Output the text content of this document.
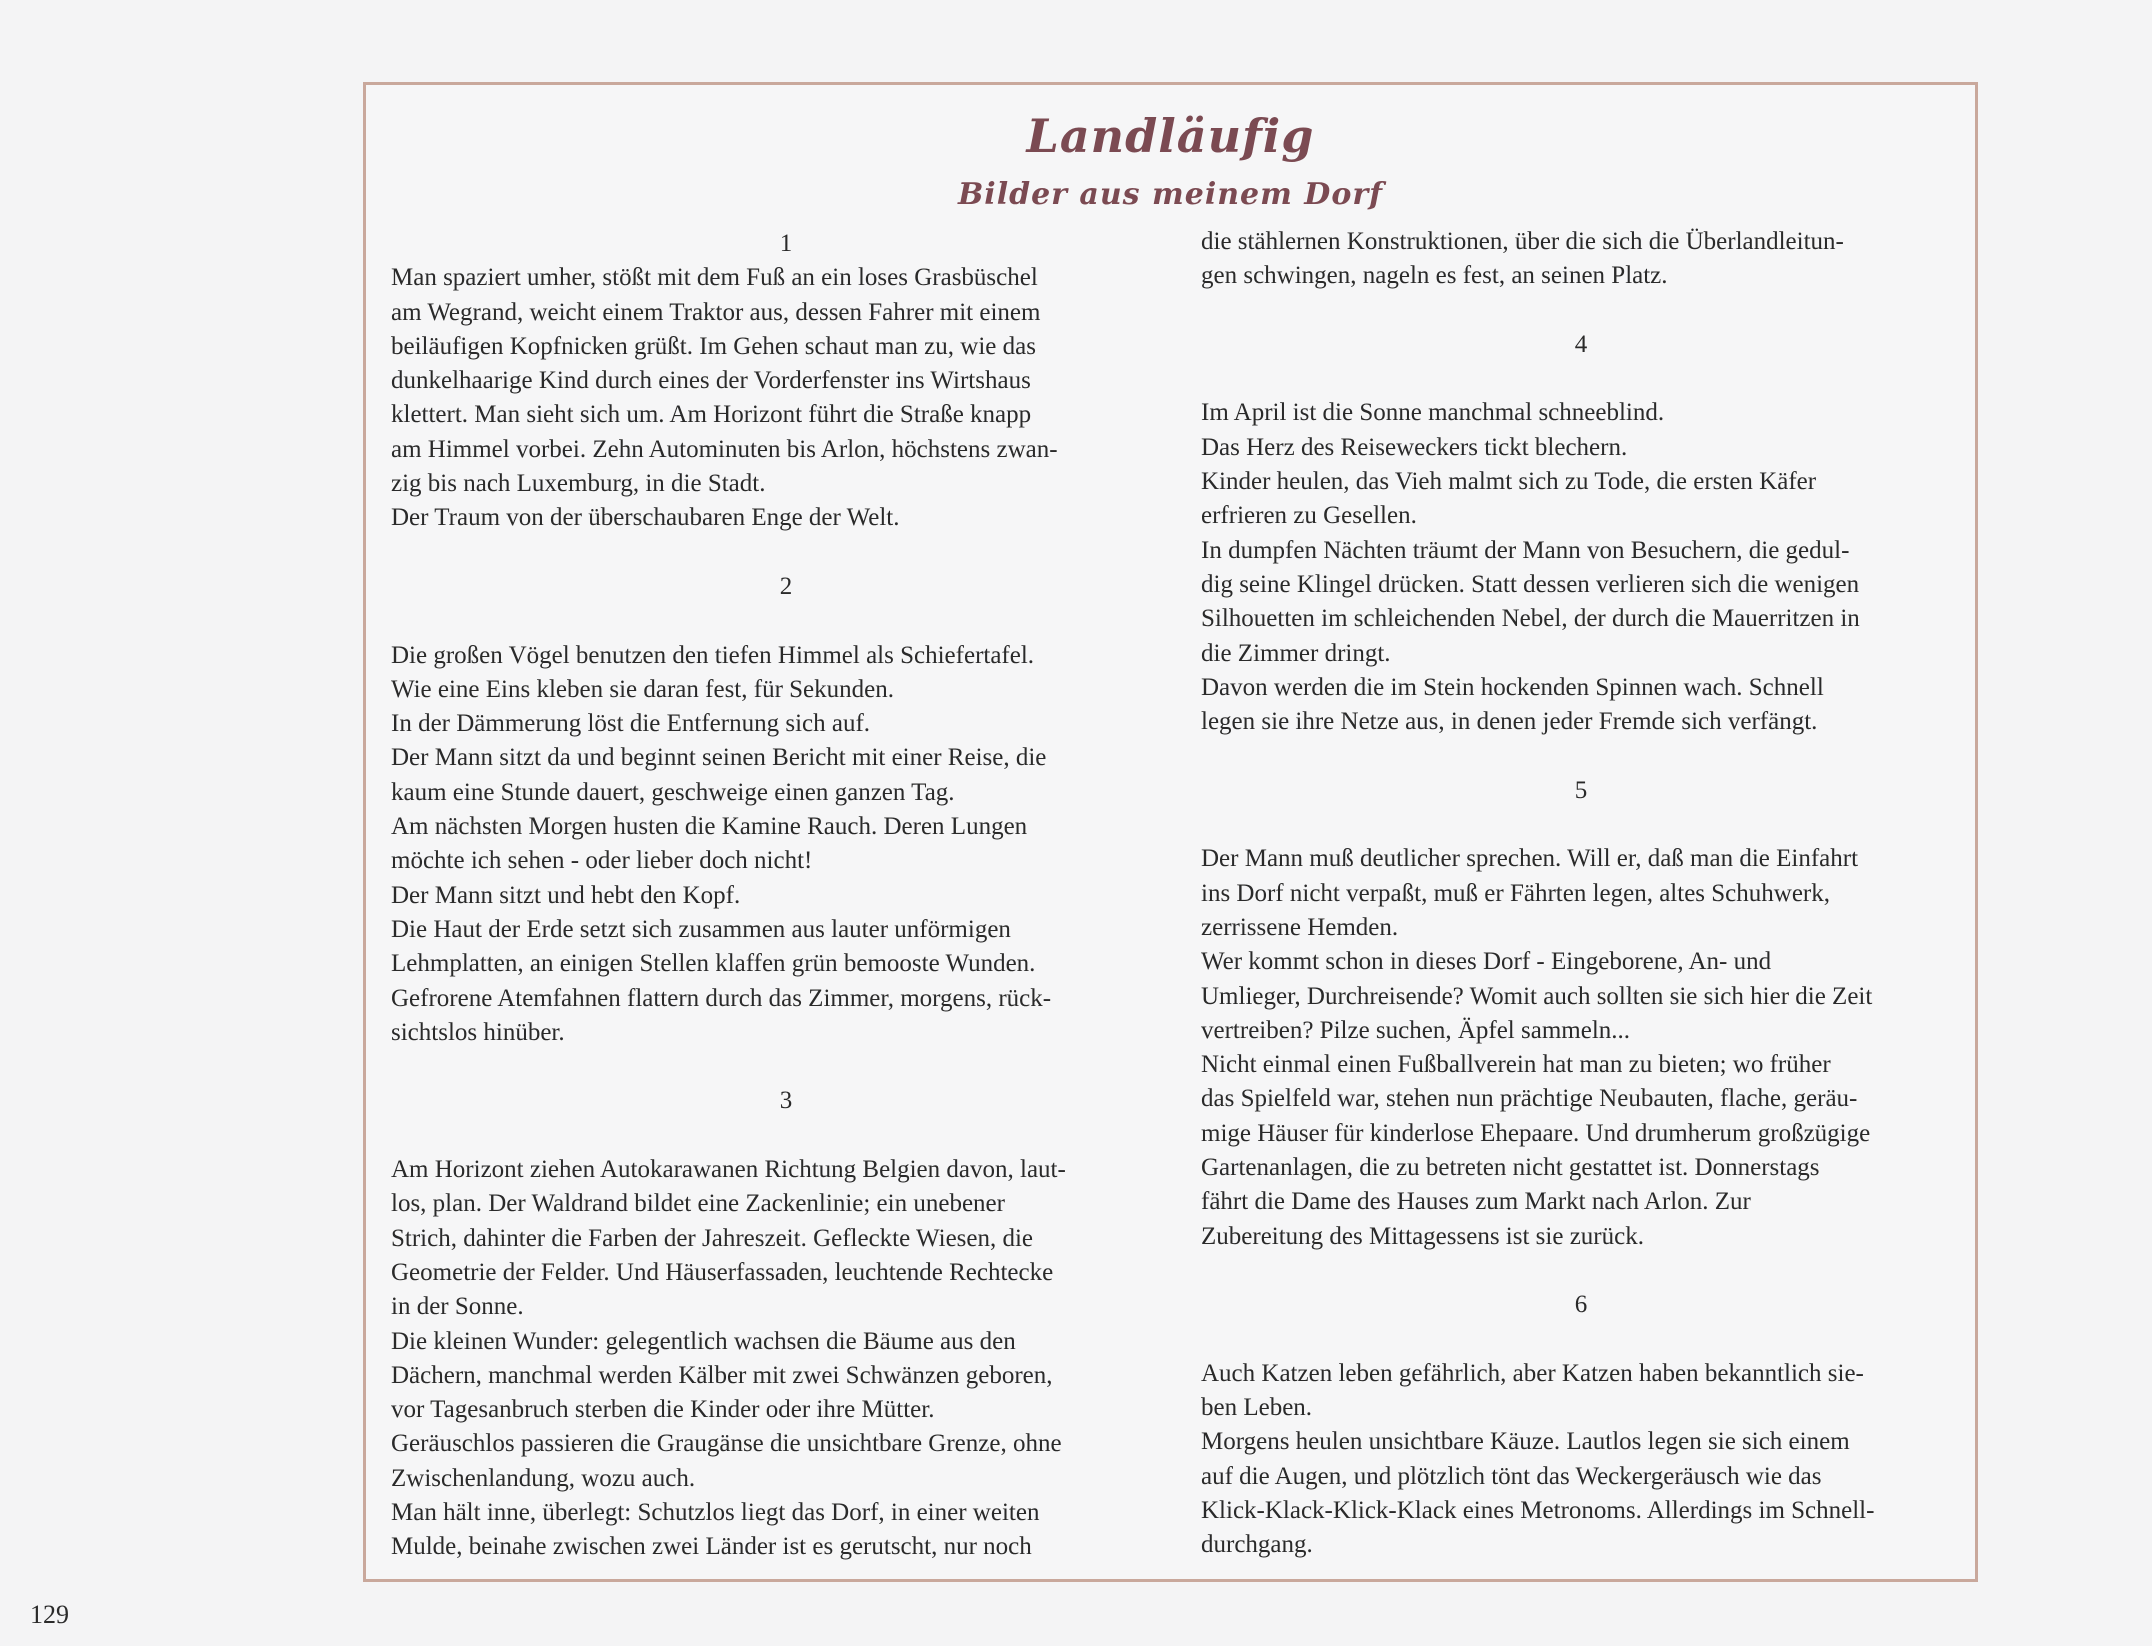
Landläufig
Bilder aus meinem Dorf
1
Man spaziert umher, stößt mit dem Fuß an ein loses Grasbüschel
am Wegrand, weicht einem Traktor aus, dessen Fahrer mit einem
beiläufigen Kopfnicken grüßt. Im Gehen schaut man zu, wie das
dunkelhaarige Kind durch eines der Vorderfenster ins Wirtshaus
klettert. Man sieht sich um. Am Horizont führt die Straße knapp
am Himmel vorbei. Zehn Autominuten bis Arlon, höchstens zwan-
zig bis nach Luxemburg, in die Stadt.
Der Traum von der überschaubaren Enge der Welt.
2
Die großen Vögel benutzen den tiefen Himmel als Schiefertafel.
Wie eine Eins kleben sie daran fest, für Sekunden.
In der Dämmerung löst die Entfernung sich auf.
Der Mann sitzt da und beginnt seinen Bericht mit einer Reise, die
kaum eine Stunde dauert, geschweige einen ganzen Tag.
Am nächsten Morgen husten die Kamine Rauch. Deren Lungen
möchte ich sehen - oder lieber doch nicht!
Der Mann sitzt und hebt den Kopf.
Die Haut der Erde setzt sich zusammen aus lauter unförmigen
Lehmplatten, an einigen Stellen klaffen grün bemooste Wunden.
Gefrorene Atemfahnen flattern durch das Zimmer, morgens, rück-
sichtslos hinüber.
3
Am Horizont ziehen Autokarawanen Richtung Belgien davon, laut-
los, plan. Der Waldrand bildet eine Zackenlinie; ein unebener
Strich, dahinter die Farben der Jahreszeit. Gefleckte Wiesen, die
Geometrie der Felder. Und Häuserfassaden, leuchtende Rechtecke
in der Sonne.
Die kleinen Wunder: gelegentlich wachsen die Bäume aus den
Dächern, manchmal werden Kälber mit zwei Schwänzen geboren,
vor Tagesanbruch sterben die Kinder oder ihre Mütter.
Geräuschlos passieren die Graugänse die unsichtbare Grenze, ohne
Zwischenlandung, wozu auch.
Man hält inne, überlegt: Schutzlos liegt das Dorf, in einer weiten
Mulde, beinahe zwischen zwei Länder ist es gerutscht, nur noch
die stählernen Konstruktionen, über die sich die Überlandleitun-
gen schwingen, nageln es fest, an seinen Platz.
4
Im April ist die Sonne manchmal schneeblind.
Das Herz des Reiseweckers tickt blechern.
Kinder heulen, das Vieh malmt sich zu Tode, die ersten Käfer
erfrieren zu Gesellen.
In dumpfen Nächten träumt der Mann von Besuchern, die gedul-
dig seine Klingel drücken. Statt dessen verlieren sich die wenigen
Silhouetten im schleichenden Nebel, der durch die Mauerritzen in
die Zimmer dringt.
Davon werden die im Stein hockenden Spinnen wach. Schnell
legen sie ihre Netze aus, in denen jeder Fremde sich verfängt.
5
Der Mann muß deutlicher sprechen. Will er, daß man die Einfahrt
ins Dorf nicht verpaßt, muß er Fährten legen, altes Schuhwerk,
zerrissene Hemden.
Wer kommt schon in dieses Dorf - Eingeborene, An- und
Umlieger, Durchreisende? Womit auch sollten sie sich hier die Zeit
vertreiben? Pilze suchen, Äpfel sammeln...
Nicht einmal einen Fußballverein hat man zu bieten; wo früher
das Spielfeld war, stehen nun prächtige Neubauten, flache, geräu-
mige Häuser für kinderlose Ehepaare. Und drumherum großzügige
Gartenanlagen, die zu betreten nicht gestattet ist. Donnerstags
fährt die Dame des Hauses zum Markt nach Arlon. Zur
Zubereitung des Mittagessens ist sie zurück.
6
Auch Katzen leben gefährlich, aber Katzen haben bekanntlich sie-
ben Leben.
Morgens heulen unsichtbare Käuze. Lautlos legen sie sich einem
auf die Augen, und plötzlich tönt das Weckergeräusch wie das
Klick-Klack-Klick-Klack eines Metronoms. Allerdings im Schnell-
durchgang.
129
